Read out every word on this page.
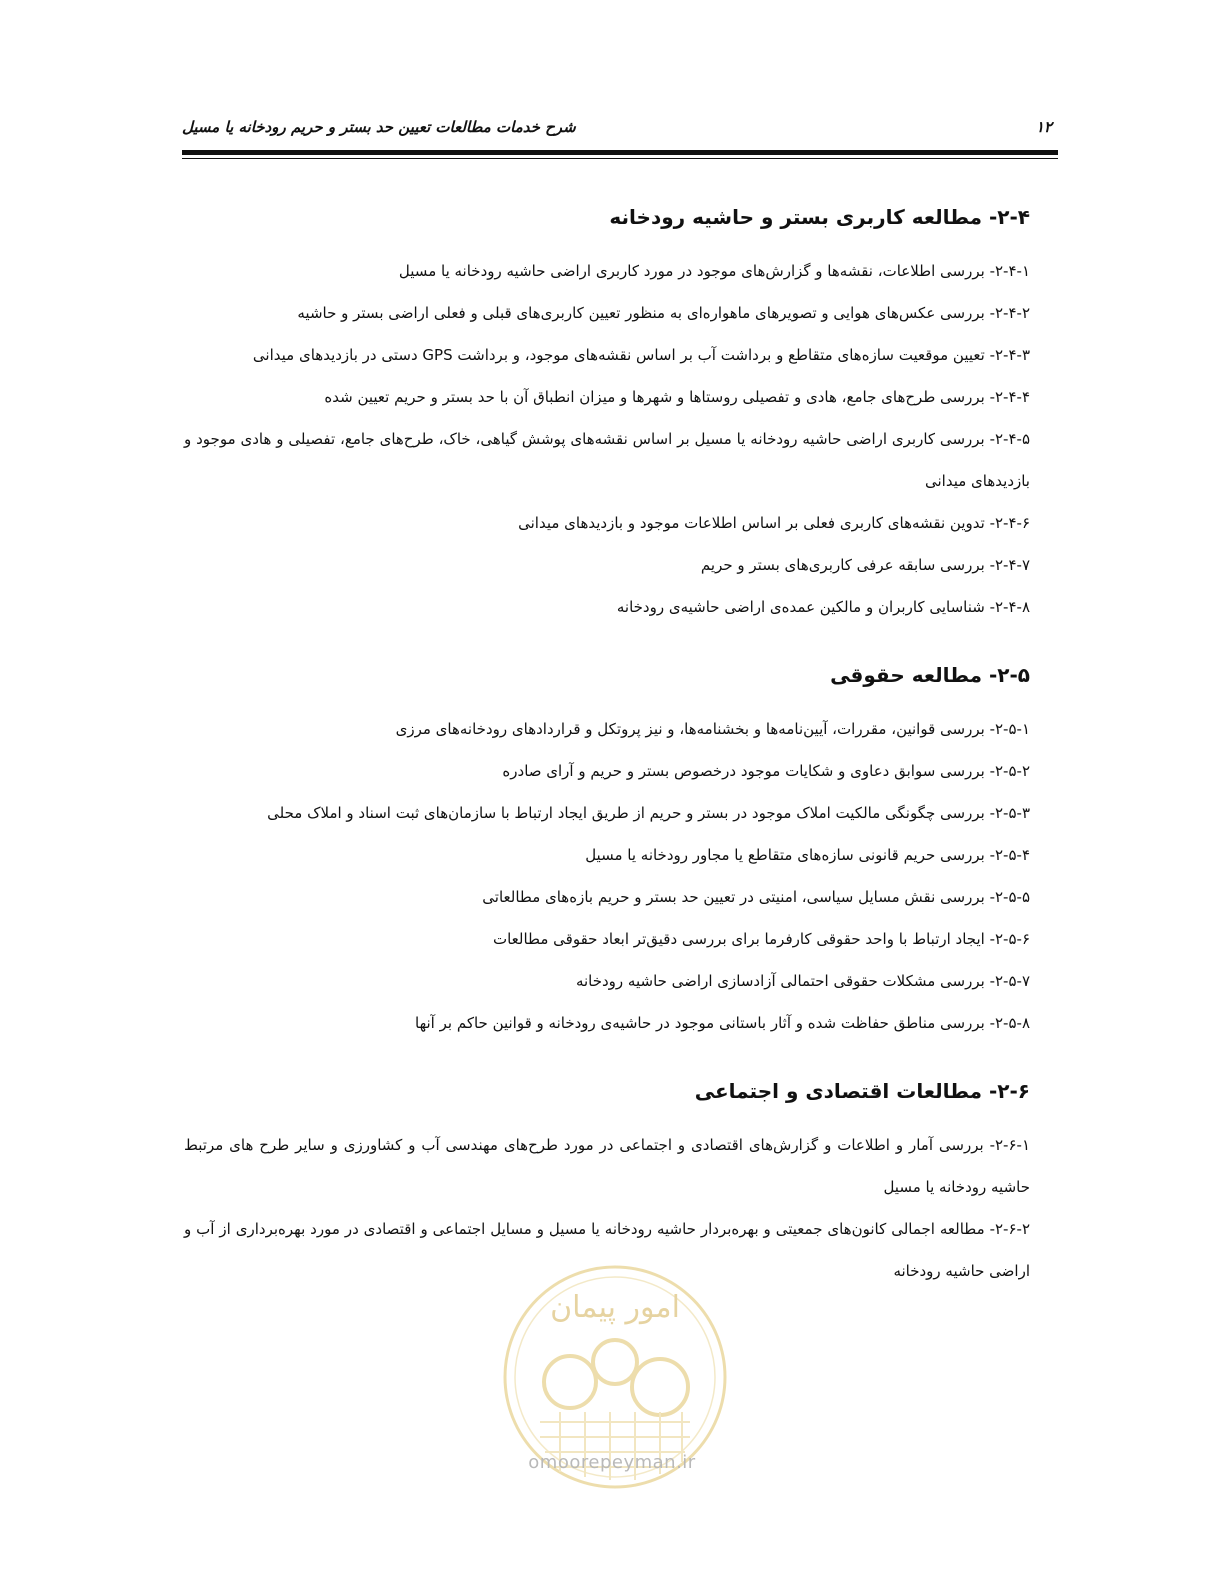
۱۲
شرح خدمات مطالعات تعیین حد بستر و حریم رودخانه یا مسیل
۲-۴- مطالعه کاربری بستر و حاشیه رودخانه

۲-۴-۱- بررسی اطلاعات، نقشه‌ها و گزارش‌های موجود در مورد کاربری اراضی حاشیه رودخانه یا مسیل

۲-۴-۲- بررسی عکس‌های هوایی و تصویرهای ماهواره‌ای به منظور تعیین کاربری‌های قبلی و فعلی اراضی بستر و حاشیه

۲-۴-۳- تعیین موقعیت سازه‌های متقاطع و برداشت آب بر اساس نقشه‌های موجود، و برداشت GPS دستی در بازدیدهای میدانی

۲-۴-۴- بررسی طرح‌های جامع، هادی و تفصیلی روستاها و شهرها و میزان انطباق آن با حد بستر و حریم تعیین شده

۲-۴-۵- بررسی کاربری اراضی حاشیه رودخانه یا مسیل بر اساس نقشه‌های پوشش گیاهی، خاک، طرح‌های جامع، تفصیلی و هادی موجود و بازدیدهای میدانی

۲-۴-۶- تدوین نقشه‌های کاربری فعلی بر اساس اطلاعات موجود و بازدیدهای میدانی

۲-۴-۷- بررسی سابقه عرفی کاربری‌های بستر و حریم

۲-۴-۸- شناسایی کاربران و مالکین عمده‌ی اراضی حاشیه‌ی رودخانه

۲-۵- مطالعه حقوقی

۲-۵-۱- بررسی قوانین، مقررات، آیین‌نامه‌ها و بخشنامه‌ها، و نیز پروتکل و قراردادهای رودخانه‌های مرزی

۲-۵-۲- بررسی سوابق دعاوی و شکایات موجود درخصوص بستر و حریم و آرای صادره

۲-۵-۳- بررسی چگونگی مالکیت املاک موجود در بستر و حریم از طریق ایجاد ارتباط با سازمان‌های ثبت اسناد و املاک محلی

۲-۵-۴- بررسی حریم قانونی سازه‌های متقاطع یا مجاور رودخانه یا مسیل

۲-۵-۵- بررسی نقش مسایل سیاسی، امنیتی در تعیین حد بستر و حریم بازه‌های مطالعاتی

۲-۵-۶- ایجاد ارتباط با واحد حقوقی کارفرما برای بررسی دقیق‌تر ابعاد حقوقی مطالعات

۲-۵-۷- بررسی مشکلات حقوقی احتمالی آزادسازی اراضی حاشیه رودخانه

۲-۵-۸- بررسی مناطق حفاظت شده و آثار باستانی موجود در حاشیه‌ی رودخانه و قوانین حاکم بر آنها

۲-۶- مطالعات اقتصادی و اجتماعی

۲-۶-۱- بررسی آمار و اطلاعات و گزارش‌های اقتصادی و اجتماعی در مورد طرح‌های مهندسی آب و کشاورزی و سایر طرح های مرتبط حاشیه رودخانه یا مسیل

۲-۶-۲- مطالعه اجمالی کانون‌های جمعیتی و بهره‌بردار حاشیه رودخانه یا مسیل و مسایل اجتماعی و اقتصادی در مورد بهره‌برداری از آب و اراضی حاشیه رودخانه

امور پیمان
omoorepeyman.ir
